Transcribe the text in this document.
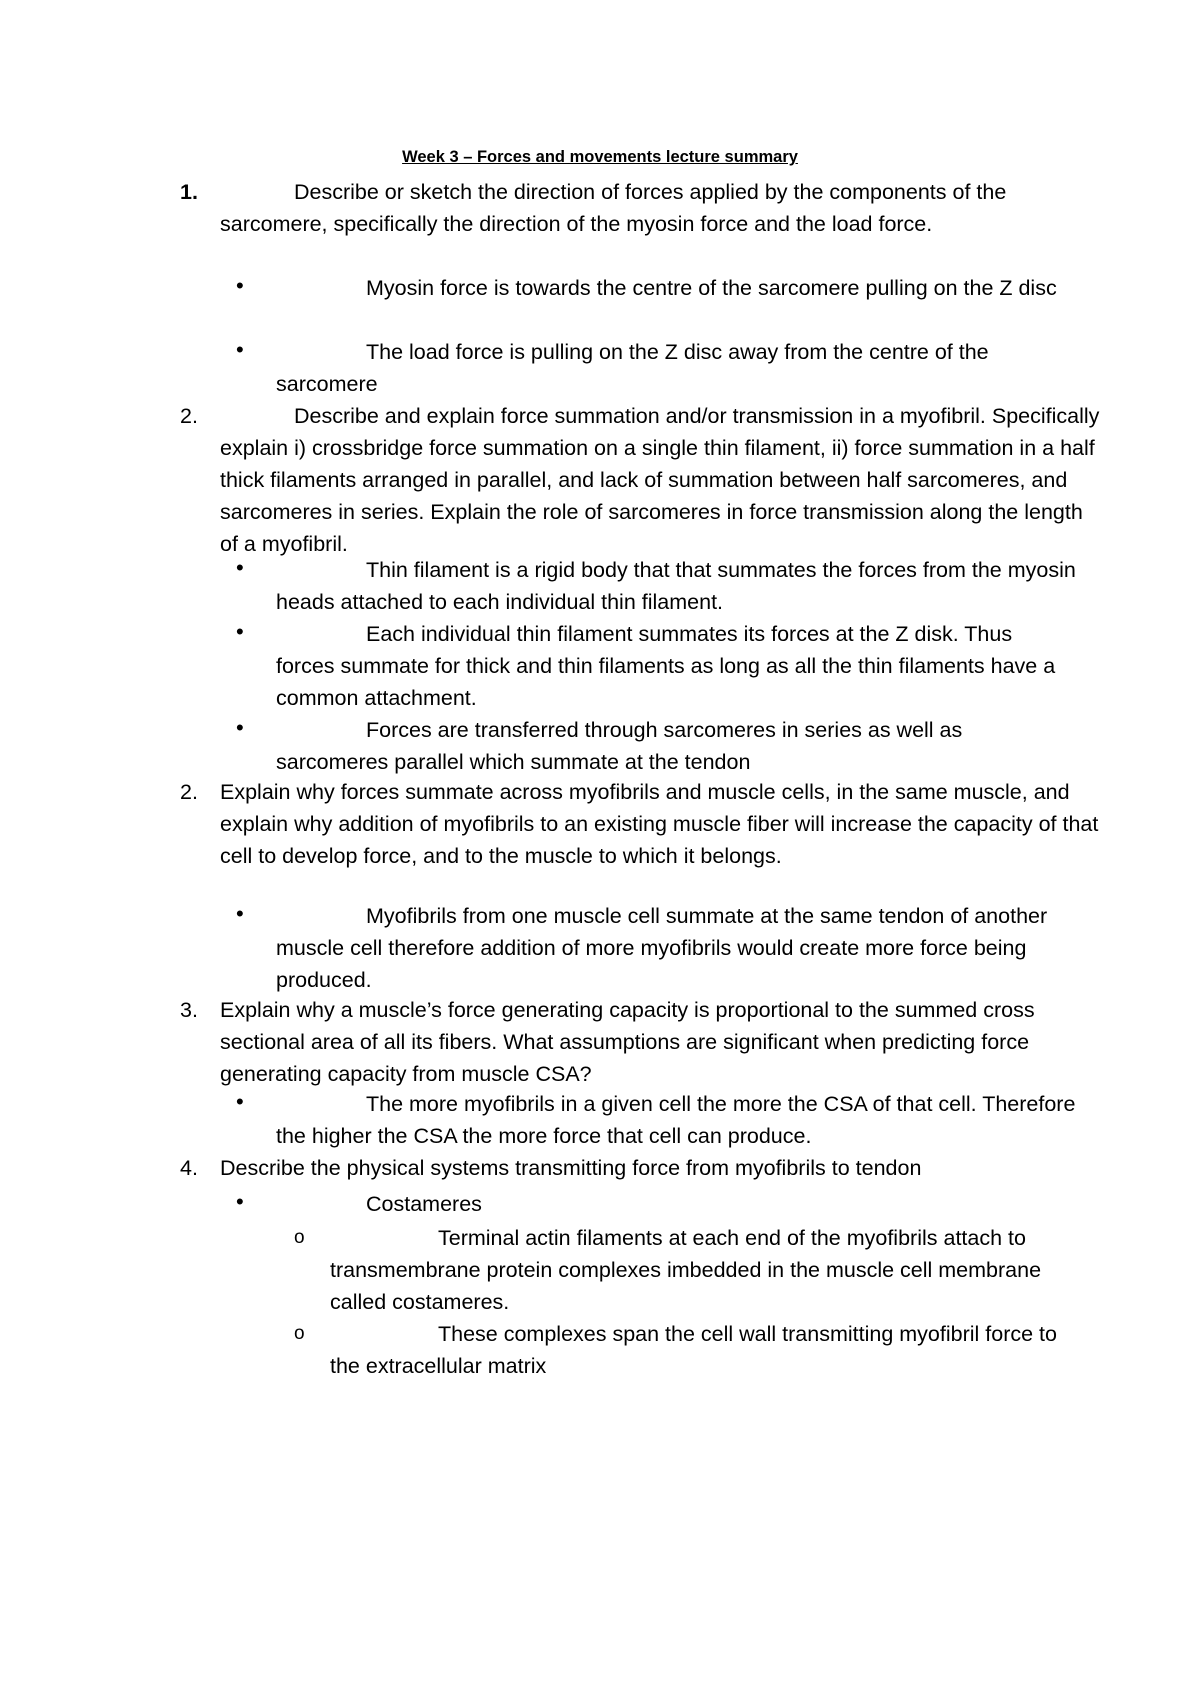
Week 3 – Forces and movements lecture summary
1.	Describe or sketch the direction of forces applied by the components of the sarcomere, specifically the direction of the myosin force and the load force.

•	Myosin force is towards the centre of the sarcomere pulling on the Z disc

•	The load force is pulling on the Z disc away from the centre of the sarcomere

2.	Describe and explain force summation and/or transmission in a myofibril. Specifically explain i) crossbridge force summation on a single thin filament, ii) force summation in a half thick filaments arranged in parallel, and lack of summation between half sarcomeres, and sarcomeres in series. Explain the role of sarcomeres in force transmission along the length of a myofibril.

•	Thin filament is a rigid body that that summates the forces from the myosin heads attached to each individual thin filament.

•	Each individual thin filament summates its forces at the Z disk. Thus forces summate for thick and thin filaments as long as all the thin filaments have a common attachment.

•	Forces are transferred through sarcomeres in series as well as sarcomeres parallel which summate at the tendon

2. Explain why forces summate across myofibrils and muscle cells, in the same muscle, and explain why addition of myofibrils to an existing muscle fiber will increase the capacity of that cell to develop force, and to the muscle to which it belongs.

•	Myofibrils from one muscle cell summate at the same tendon of another muscle cell therefore addition of more myofibrils would create more force being produced.

3. Explain why a muscle’s force generating capacity is proportional to the summed cross sectional area of all its fibers. What assumptions are significant when predicting force generating capacity from muscle CSA?

•	The more myofibrils in a given cell the more the CSA of that cell. Therefore the higher the CSA the more force that cell can produce.

4. Describe the physical systems transmitting force from myofibrils to tendon

•	Costameres

o	Terminal actin filaments at each end of the myofibrils attach to transmembrane protein complexes imbedded in the muscle cell membrane called costameres.

o	These complexes span the cell wall transmitting myofibril force to the extracellular matrix
